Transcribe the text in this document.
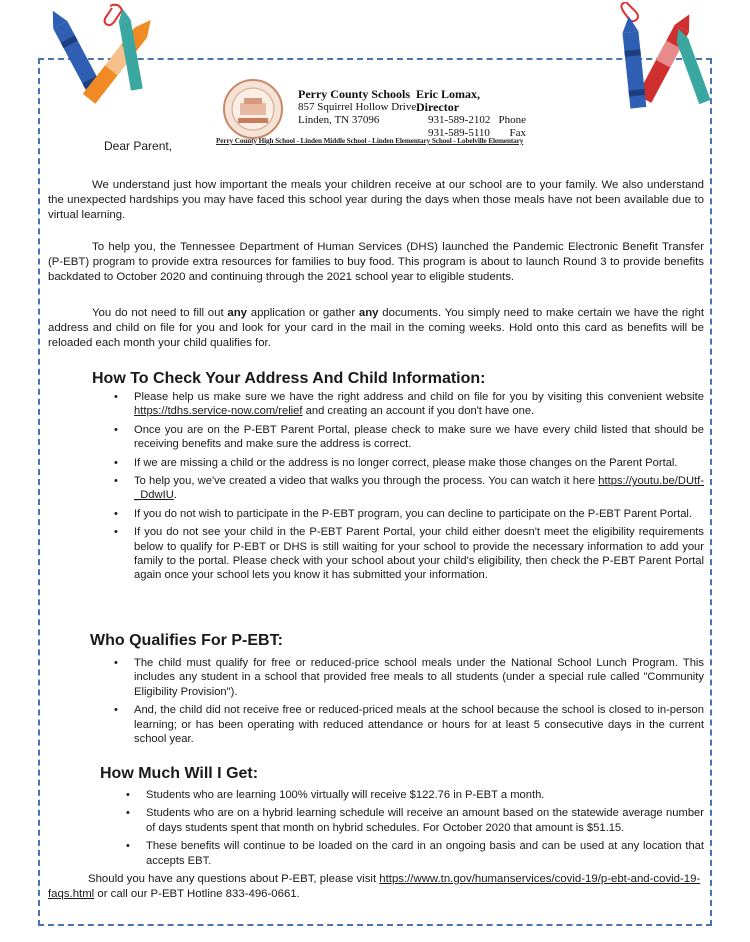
Perry County Schools
857 Squirrel Hollow Drive
Linden, TN 37096
Eric Lomax, Director
931-589-2102 Phone
931-589-5110 Fax
Dear Parent,	Perry County High School - Linden Middle School - Linden Elementary School - Lobelville Elementary

We understand just how important the meals your children receive at our school are to your family. We also understand the unexpected hardships you may have faced this school year during the days when those meals have not been available due to virtual learning.

To help you, the Tennessee Department of Human Services (DHS) launched the Pandemic Electronic Benefit Transfer (P-EBT) program to provide extra resources for families to buy food. This program is about to launch Round 3 to provide benefits backdated to October 2020 and continuing through the 2021 school year to eligible students.

You do not need to fill out any application or gather any documents. You simply need to make certain we have the right address and child on file for you and look for your card in the mail in the coming weeks. Hold onto this card as benefits will be reloaded each month your child qualifies for.

How To Check Your Address And Child Information:
• Please help us make sure we have the right address and child on file for you by visiting this convenient website https://tdhs.service-now.com/relief and creating an account if you don't have one.
• Once you are on the P-EBT Parent Portal, please check to make sure we have every child listed that should be receiving benefits and make sure the address is correct.
• If we are missing a child or the address is no longer correct, please make those changes on the Parent Portal.
• To help you, we've created a video that walks you through the process. You can watch it here https://youtu.be/DUtf-_DdwIU.
• If you do not wish to participate in the P-EBT program, you can decline to participate on the P-EBT Parent Portal.
• If you do not see your child in the P-EBT Parent Portal, your child either doesn't meet the eligibility requirements below to qualify for P-EBT or DHS is still waiting for your school to provide the necessary information to add your family to the portal. Please check with your school about your child's eligibility, then check the P-EBT Parent Portal again once your school lets you know it has submitted your information.
Who Qualifies For P-EBT:
• The child must qualify for free or reduced-price school meals under the National School Lunch Program. This includes any student in a school that provided free meals to all students (under a special rule called "Community Eligibility Provision").
• And, the child did not receive free or reduced-priced meals at the school because the school is closed to in-person learning; or has been operating with reduced attendance or hours for at least 5 consecutive days in the current school year.
How Much Will I Get:
• Students who are learning 100% virtually will receive $122.76 in P-EBT a month.
• Students who are on a hybrid learning schedule will receive an amount based on the statewide average number of days students spent that month on hybrid schedules. For October 2020 that amount is $51.15.
• These benefits will continue to be loaded on the card in an ongoing basis and can be used at any location that accepts EBT.
Should you have any questions about P-EBT, please visit https://www.tn.gov/humanservices/covid-19/p-ebt-and-covid-19-faqs.html or call our P-EBT Hotline 833-496-0661.
